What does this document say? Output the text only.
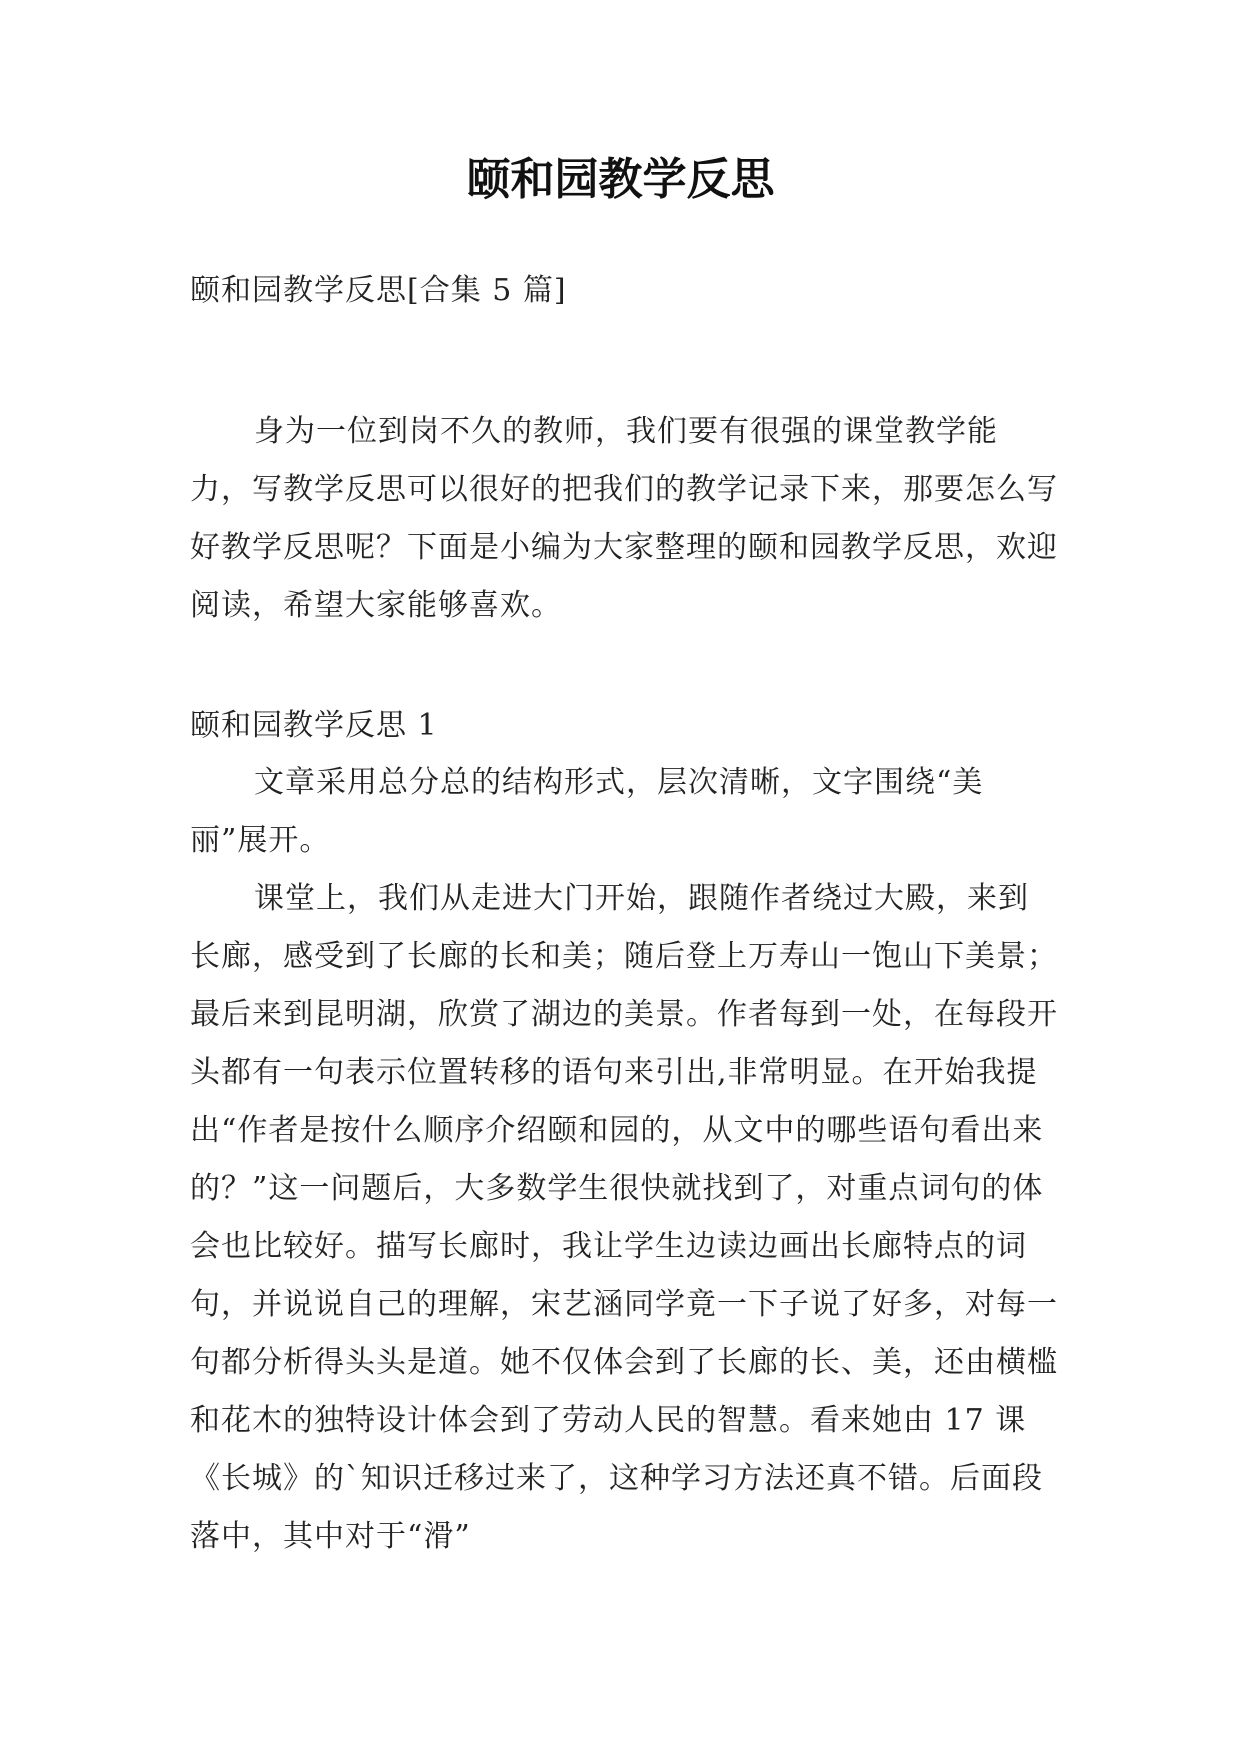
颐和园教学反思

颐和园教学反思[合集 5 篇]

身为一位到岗不久的教师，我们要有很强的课堂教学能力，写教学反思可以很好的把我们的教学记录下来，那要怎么写好教学反思呢？下面是小编为大家整理的颐和园教学反思，欢迎阅读，希望大家能够喜欢。

颐和园教学反思 1

文章采用总分总的结构形式，层次清晰，文字围绕“美丽”展开。

课堂上，我们从走进大门开始，跟随作者绕过大殿，来到长廊，感受到了长廊的长和美；随后登上万寿山一饱山下美景；最后来到昆明湖，欣赏了湖边的美景。作者每到一处，在每段开头都有一句表示位置转移的语句来引出,非常明显。在开始我提出“作者是按什么顺序介绍颐和园的，从文中的哪些语句看出来的？”这一问题后，大多数学生很快就找到了，对重点词句的体会也比较好。描写长廊时，我让学生边读边画出长廊特点的词句，并说说自己的理解，宋艺涵同学竟一下子说了好多，对每一句都分析得头头是道。她不仅体会到了长廊的长、美，还由横槛和花木的独特设计体会到了劳动人民的智慧。看来她由 17 课《长城》的`知识迁移过来了，这种学习方法还真不错。后面段落中，其中对于“滑”
